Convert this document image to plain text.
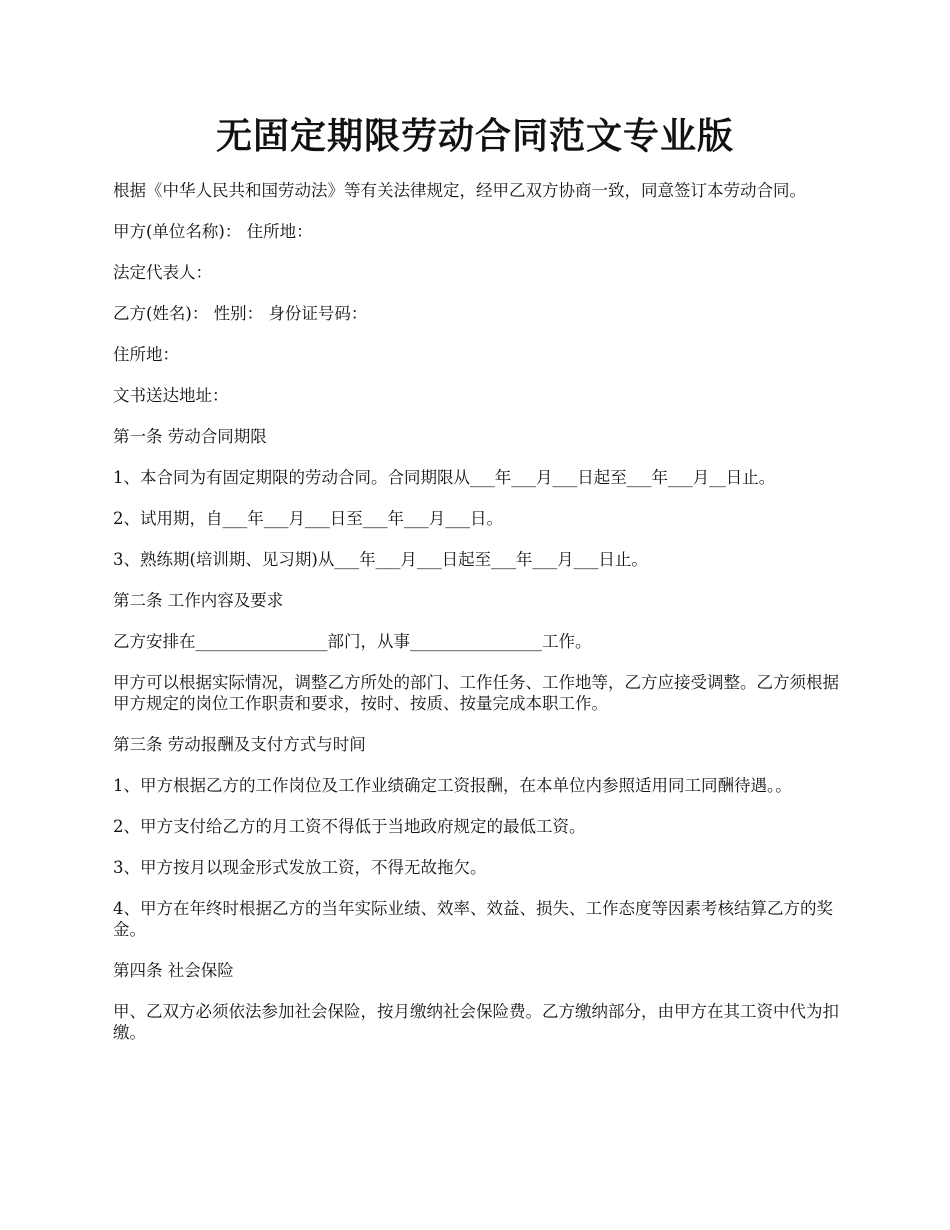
无固定期限劳动合同范文专业版

根据《中华人民共和国劳动法》等有关法律规定，经甲乙双方协商一致，同意签订本劳动合同。

甲方(单位名称)： 住所地：

法定代表人：

乙方(姓名)： 性别： 身份证号码：

住所地：

文书送达地址：

第一条 劳动合同期限

1、本合同为有固定期限的劳动合同。合同期限从___年___月___日起至___年___月__日止。

2、试用期，自___年___月___日至___年___月___日。

3、熟练期(培训期、见习期)从___年___月___日起至___年___月___日止。

第二条 工作内容及要求

乙方安排在________________部门，从事________________工作。

甲方可以根据实际情况，调整乙方所处的部门、工作任务、工作地等，乙方应接受调整。乙方须根据甲方规定的岗位工作职责和要求，按时、按质、按量完成本职工作。

第三条 劳动报酬及支付方式与时间

1、甲方根据乙方的工作岗位及工作业绩确定工资报酬，在本单位内参照适用同工同酬待遇。。

2、甲方支付给乙方的月工资不得低于当地政府规定的最低工资。

3、甲方按月以现金形式发放工资，不得无故拖欠。

4、甲方在年终时根据乙方的当年实际业绩、效率、效益、损失、工作态度等因素考核结算乙方的奖金。

第四条 社会保险

甲、乙双方必须依法参加社会保险，按月缴纳社会保险费。乙方缴纳部分，由甲方在其工资中代为扣缴。
